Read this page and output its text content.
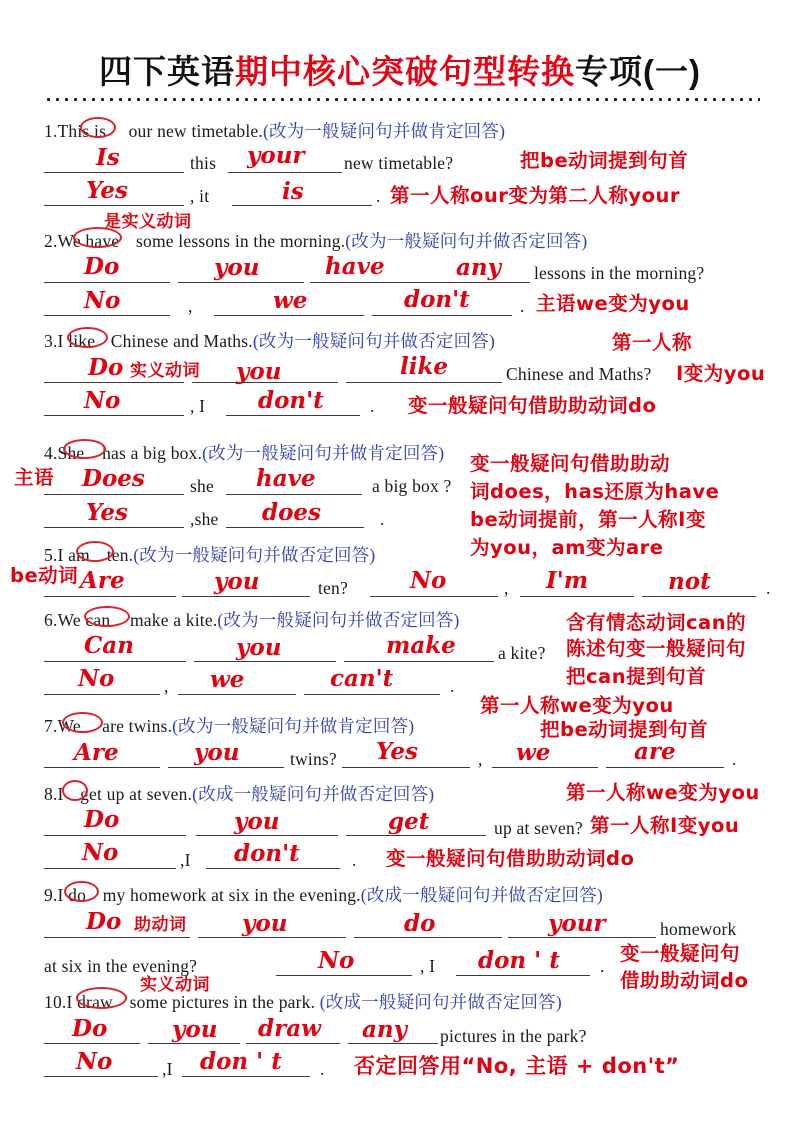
四下英语期中核心突破句型转换专项(一)
1.This is our new timetable.(改为一般疑问句并做肯定回答)
Is	this your new timetable?	把be动词提到句首
Yes	, it	is	. 第一人称our变为第二人称your
是实义动词
2.We have some lessons in the morning.(改为一般疑问句并做否定回答)
Do	you	have	any lessons in the morning?
No	,	we	don't	. 主语we变为you
3.I like Chinese and Maths.(改为一般疑问句并做否定回答)	第一人称
Do 实义动词 you	like	Chinese and Maths? I变为you
No	, I don't	. 变一般疑问句借助助动词do
4.She has a big box.(改为一般疑问句并做肯定回答)
主语
变一般疑问句借助助动
词does，has还原为have
Does	she have	a big box ?
Yes	,she does	.
5.I am ten.(改为一般疑问句并做否定回答)
be动词提前，第一人称I变
为you，am变为are
be动词 Are	you	ten?	No	, I'm	not	.
6.We can make a kite.(改为一般疑问句并做否定回答)	含有情态动词can的
陈述句变一般疑问句
把can提到句首
Can	you	make a kite?
No	, we	can't	.
7.We are twins.(改为一般疑问句并做肯定回答)
第一人称we变为you
把be动词提到句首
Are	you	twins? Yes	, we	are	.
8.I get up at seven.(改成一般疑问句并做否定回答)	第一人称we变为you
第一人称I变you
Do	you	get	up at seven?
No	,I don't	. 变一般疑问句借助助动词do
9.I do my homework at six in the evening.(改成一般疑问句并做否定回答)
Do 助动词 you	do	your	homework
at six in the evening?	No	, I don ' t .
变一般疑问句
借助助动词do
实义动词
10.I draw some pictures in the park. (改成一般疑问句并做否定回答)
Do	you draw any pictures in the park?
No	,I don ' t . 否定回答用“No, 主语 + don't”
